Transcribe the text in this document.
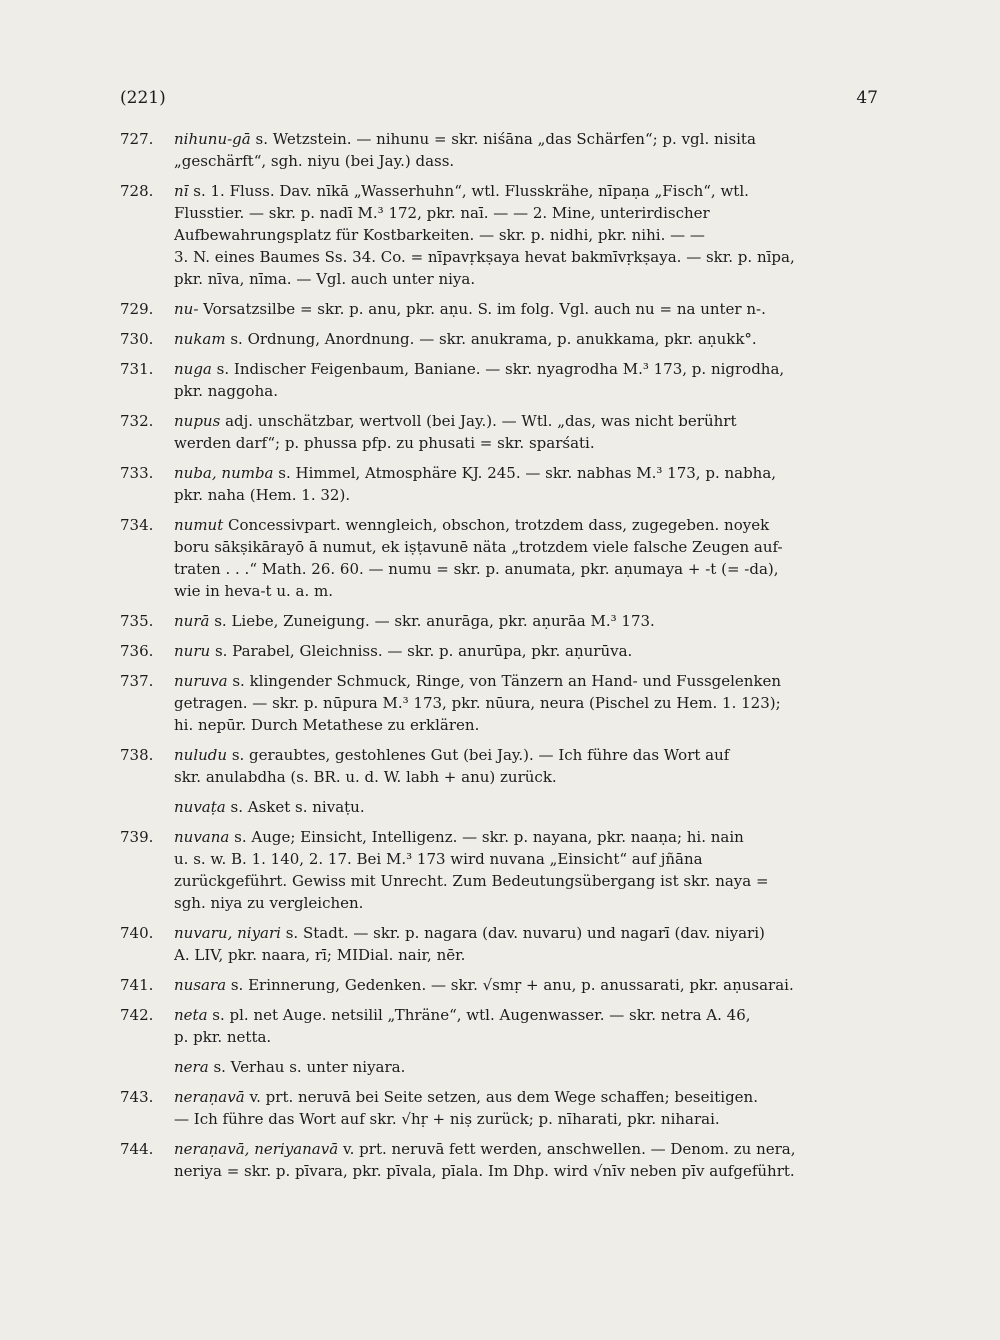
(221)	47
727.	nihunu-gā s. Wetzstein. — nihunu = skr. niśāna „das Schärfen“; p. vgl. nisita

„geschärft“, sgh. niyu (bei Jay.) dass.

728.	nī s. 1. Fluss. Dav. nīkā „Wasserhuhn“, wtl. Flusskrähe, nīpaṇa „Fisch“, wtl.

Flusstier. — skr. p. nadī M.³ 172, pkr. naī. — — 2. Mine, unterirdischer

Aufbewahrungsplatz für Kostbarkeiten. — skr. p. nidhi, pkr. nihi. — —

3. N. eines Baumes Ss. 34. Co. = nīpavṛkṣaya hevat bakmīvṛkṣaya. — skr. p. nīpa,

pkr. nīva, nīma. — Vgl. auch unter niya.

729.	nu- Vorsatzsilbe = skr. p. anu, pkr. aṇu. S. im folg. Vgl. auch nu = na unter n-.

730.	nukam s. Ordnung, Anordnung. — skr. anukrama, p. anukkama, pkr. aṇukk°.

731.	nuga s. Indischer Feigenbaum, Baniane. — skr. nyagrodha M.³ 173, p. nigrodha,

pkr. naggoha.

732.	nupus adj. unschätzbar, wertvoll (bei Jay.). — Wtl. „das, was nicht berührt

werden darf“; p. phussa pfp. zu phusati = skr. sparśati.

733.	nuba, numba s. Himmel, Atmosphäre KJ. 245. — skr. nabhas M.³ 173, p. nabha,

pkr. naha (Hem. 1. 32).

734.	numut Concessivpart. wenngleich, obschon, trotzdem dass, zugegeben. noyek

boru sākṣikārayō ā numut, ek iṣṭavunē näta „trotzdem viele falsche Zeugen auf-

traten . . .“ Math. 26. 60. — numu = skr. p. anumata, pkr. aṇumaya + -t (= -da),

wie in heva-t u. a. m.

735.	nurā s. Liebe, Zuneigung. — skr. anurāga, pkr. aṇurāa M.³ 173.

736.	nuru s. Parabel, Gleichniss. — skr. p. anurūpa, pkr. aṇurūva.

737.	nuruva s. klingender Schmuck, Ringe, von Tänzern an Hand- und Fussgelenken

getragen. — skr. p. nūpura M.³ 173, pkr. nūura, neura (Pischel zu Hem. 1. 123);

hi. nepūr. Durch Metathese zu erklären.

738.	nuludu s. geraubtes, gestohlenes Gut (bei Jay.). — Ich führe das Wort auf

skr. anulabdha (s. BR. u. d. W. labh + anu) zurück.

nuvaṭa s. Asket s. nivaṭu.

739.	nuvana s. Auge; Einsicht, Intelligenz. — skr. p. nayana, pkr. naaṇa; hi. nain

u. s. w. B. 1. 140, 2. 17. Bei M.³ 173 wird nuvana „Einsicht“ auf jñāna

zurückgeführt. Gewiss mit Unrecht. Zum Bedeutungsübergang ist skr. naya =

sgh. niya zu vergleichen.

740.	nuvaru, niyari s. Stadt. — skr. p. nagara (dav. nuvaru) und nagarī (dav. niyari)

A. LIV, pkr. naara, rī; MIDial. nair, nēr.

741.	nusara s. Erinnerung, Gedenken. — skr. √smṛ + anu, p. anussarati, pkr. aṇusarai.

742.	neta s. pl. net Auge. netsilil „Thräne“, wtl. Augenwasser. — skr. netra A. 46,

p. pkr. netta.

nera s. Verhau s. unter niyara.

743.	neraṇavā v. prt. neruvā bei Seite setzen, aus dem Wege schaffen; beseitigen.

— Ich führe das Wort auf skr. √hṛ + niṣ zurück; p. nīharati, pkr. niharai.

744.	neraṇavā, neriyanavā v. prt. neruvā fett werden, anschwellen. — Denom. zu nera,

neriya = skr. p. pīvara, pkr. pīvala, pīala. Im Dhp. wird √nīv neben pīv aufgeführt.
